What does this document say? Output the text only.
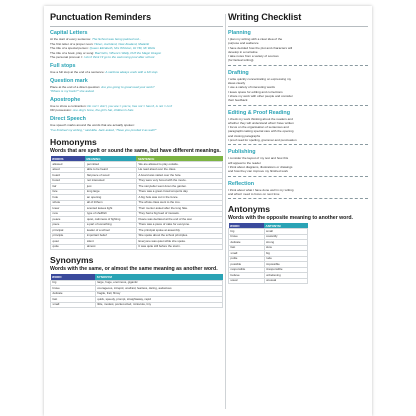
Punctuation Reminders
Capital Letters
At the start of every sentence: The School was being painted red...
The first letter of a proper noun: Helen, Auckland, New Zealand, Matariki
The title of a special person: Queen Elizabeth, Mrs Whiston, Dr Hill, Mr Wells
The title of a book, play or song: Bad Girls, Where's Wally, Puff the Magic Dragon
The personal pronoun I: I don't think I'll go to the swimming pool after school.
Full stops
Use a full stop at the end of a sentence: A rainbow always ends with a full stop.
Question mark
Place at the end of a direct question: Are you going to great read your work?
"Where is my book?" she asked.
Apostrophe
Use to show a contraction: Do not = don't, you are = you're, has not = hasn't, is not = isn't
OR possession: one dog's bone, the girl's hat, children's hats
Direct Speech
Use speech marks around the words that are actually spoken:
"I've finished my writing," said Ella. Jack asked, "Have you proofed it as well?"
Homonyms
Words that are spelt or sound the same, but have different meanings.
WORDS	MEANING	SENTENCE
allowed	permitted	We are allowed to play outside.
aloud	able to be heard	He read aloud over the class.
board	flat piece of wood	A board was nailed over the hole.
bored	not interested	They were very bored with the movie.
fair	just	The storyteller went down the garden.
fare	long large	There was a great crowd at sports day.
hole	an opening	A big hole was cut in the fence.
whole	all of it/them	The whole class went to the zoo.
knew	scented leaves light	Their mentor asked after the long hike.
new	type of shellfish	They had a big feed of mussels.
peace	quiet, calmness of fighting	Peace was declared at the end of the war.
piece	a part of something	There was a piece of cake for everyone.
principal	leader of a school	The principal spoke at assembly.
principle	important belief	She spoke about the school principles.
quiet	silent	Everyone was quiet while she spoke.
quite	almost	It was quite still before the storm.
Synonyms
Words with the same, or almost the same meaning as another word.
WORD	SYNONYM
big	large, huge, enormous, gigantic
brave	courageous, intrepid, unafraid, fearless, daring, audacious
delicate	fragile, frail, flimsy
fast	quick, speedy, prompt, straightaway, rapid
small	little, modest, pocket-sized, miniscule, tiny
Writing Checklist
Planning
I plan my writing with a clear idea of the
purpose and audience
I have decided how the plot and characters will
develop in a narrative
I take notes from a variety of sources
(for factual writing)
Drafting
I write quickly concentrating on expressing my
ideas clearly
I use a variety of interesting words
I leave space for editing and corrections
I share my work with other people and consider
their feedback
Editing & Proof Reading
I check my work thinking about the readers and
whether they will understand what I have written
I focus on the organisation of sentences and
paragraphs taking special care with the opening
and closing paragraphs
I proof read for spelling, grammar and punctuation
Publishing
I consider the layout of my text and how this
will appeal to the reader
I think about diagrams, illustrations or drawings
and how they can improve my finished work
Reflection
I think about what I have done well in my writing
and what I need to focus on next time
Antonyms
Words with the opposite meaning to another word.
WORD	ANTONYM
big	small
brave	cowardly
delicate	strong
fast	slow
small	big
polite	rude
possible	impossible
responsible	irresponsible
believe	unbelieving
usual	unusual
